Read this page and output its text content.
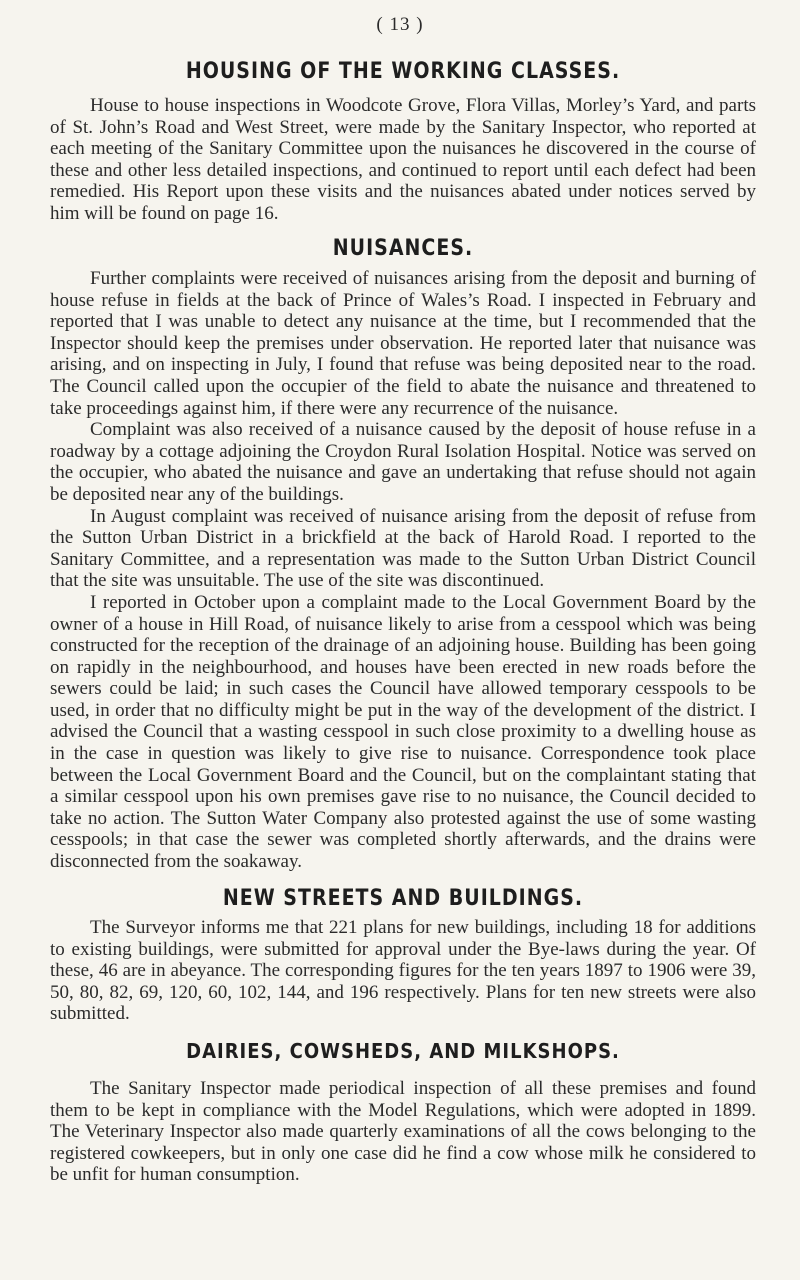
( 13 )
HOUSING OF THE WORKING CLASSES.

House to house inspections in Woodcote Grove, Flora Villas, Morley’s Yard, and parts of St. John’s Road and West Street, were made by the Sanitary Inspector, who reported at each meeting of the Sanitary Committee upon the nuisances he discovered in the course of these and other less detailed inspections, and continued to report until each defect had been remedied. His Report upon these visits and the nuisances abated under notices served by him will be found on page 16.

NUISANCES.

Further complaints were received of nuisances arising from the deposit and burning of house refuse in fields at the back of Prince of Wales’s Road. I inspected in February and reported that I was unable to detect any nuisance at the time, but I recommended that the Inspector should keep the premises under observation. He reported later that nuisance was arising, and on inspecting in July, I found that refuse was being deposited near to the road. The Council called upon the occupier of the field to abate the nuisance and threatened to take proceedings against him, if there were any recurrence of the nuisance.

Complaint was also received of a nuisance caused by the deposit of house refuse in a roadway by a cottage adjoining the Croydon Rural Isolation Hospital. Notice was served on the occupier, who abated the nuisance and gave an undertaking that refuse should not again be deposited near any of the buildings.

In August complaint was received of nuisance arising from the deposit of refuse from the Sutton Urban District in a brickfield at the back of Harold Road. I reported to the Sanitary Committee, and a representation was made to the Sutton Urban District Council that the site was unsuitable. The use of the site was discontinued.

I reported in October upon a complaint made to the Local Government Board by the owner of a house in Hill Road, of nuisance likely to arise from a cesspool which was being constructed for the reception of the drainage of an adjoining house. Building has been going on rapidly in the neighbourhood, and houses have been erected in new roads before the sewers could be laid; in such cases the Council have allowed temporary cesspools to be used, in order that no difficulty might be put in the way of the development of the district. I advised the Council that a wasting cesspool in such close proximity to a dwelling house as in the case in question was likely to give rise to nuisance. Correspondence took place between the Local Government Board and the Council, but on the complaintant stating that a similar cesspool upon his own premises gave rise to no nuisance, the Council decided to take no action. The Sutton Water Company also protested against the use of some wasting cesspools; in that case the sewer was completed shortly afterwards, and the drains were disconnected from the soakaway.

NEW STREETS AND BUILDINGS.

The Surveyor informs me that 221 plans for new buildings, including 18 for additions to existing buildings, were submitted for approval under the Bye-laws during the year. Of these, 46 are in abeyance. The corresponding figures for the ten years 1897 to 1906 were 39, 50, 80, 82, 69, 120, 60, 102, 144, and 196 respectively. Plans for ten new streets were also submitted.

DAIRIES, COWSHEDS, AND MILKSHOPS.

The Sanitary Inspector made periodical inspection of all these premises and found them to be kept in compliance with the Model Regulations, which were adopted in 1899. The Veterinary Inspector also made quarterly examinations of all the cows belonging to the registered cowkeepers, but in only one case did he find a cow whose milk he considered to be unfit for human consumption.
